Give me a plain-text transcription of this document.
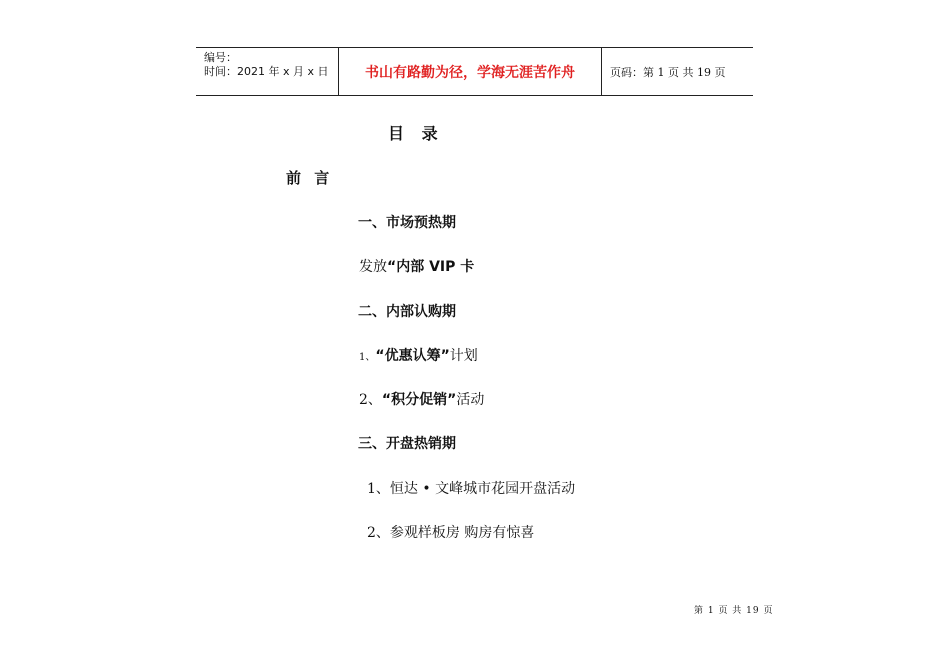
编号：
时间：2021 年 x 月 x 日	书山有路勤为径，学海无涯苦作舟	页码：第 1 页 共 19 页
目 录
前 言
一、市场预热期
发放“内部 VIP 卡
二、内部认购期
1、“优惠认筹”计划
2、“积分促销”活动
三、开盘热销期
1、恒达 • 文峰城市花园开盘活动
2、参观样板房 购房有惊喜
第 1 页 共 19 页
